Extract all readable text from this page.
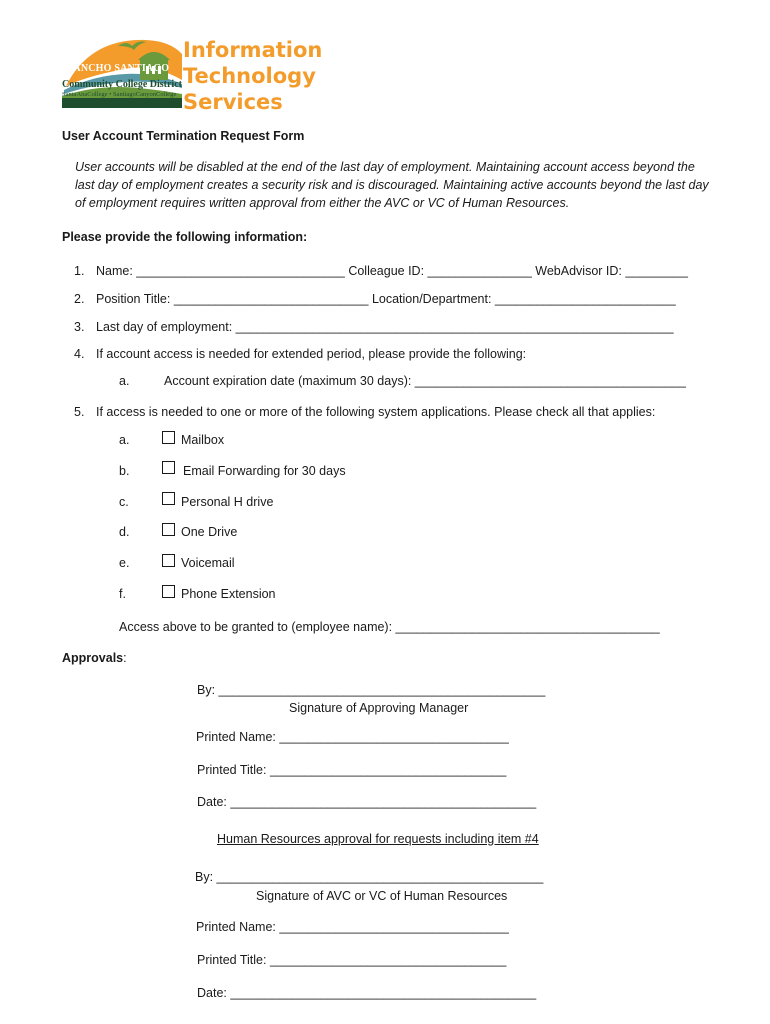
RANCHO SANTIAGO
Community College District
SantaAnaCollege • SantiagoCanyonCollege
Information
Technology
Services
User Account Termination Request Form
User accounts will be disabled at the end of the last day of employment. Maintaining account access beyond the last day of employment creates a security risk and is discouraged. Maintaining active accounts beyond the last day of employment requires written approval from either the AVC or VC of Human Resources.
Please provide the following information:
1. Name: ______________________________ Colleague ID: _______________ WebAdvisor ID: _________
2. Position Title: ____________________________ Location/Department: __________________________
3. Last day of employment: _______________________________________________________________
4. If account access is needed for extended period, please provide the following:
a.	Account expiration date (maximum 30 days): _______________________________________
5. If access is needed to one or more of the following system applications. Please check all that applies:
a.	Mailbox
b.	Email Forwarding for 30 days
c.	Personal H drive
d.	One Drive
e.	Voicemail
f.	Phone Extension
Access above to be granted to (employee name): ______________________________________
Approvals:
By: _______________________________________________
Signature of Approving Manager
Printed Name: _________________________________
Printed Title: __________________________________
Date: ____________________________________________
Human Resources approval for requests including item #4
By: _______________________________________________
Signature of AVC or VC of Human Resources
Printed Name: _________________________________
Printed Title: __________________________________
Date: ____________________________________________
